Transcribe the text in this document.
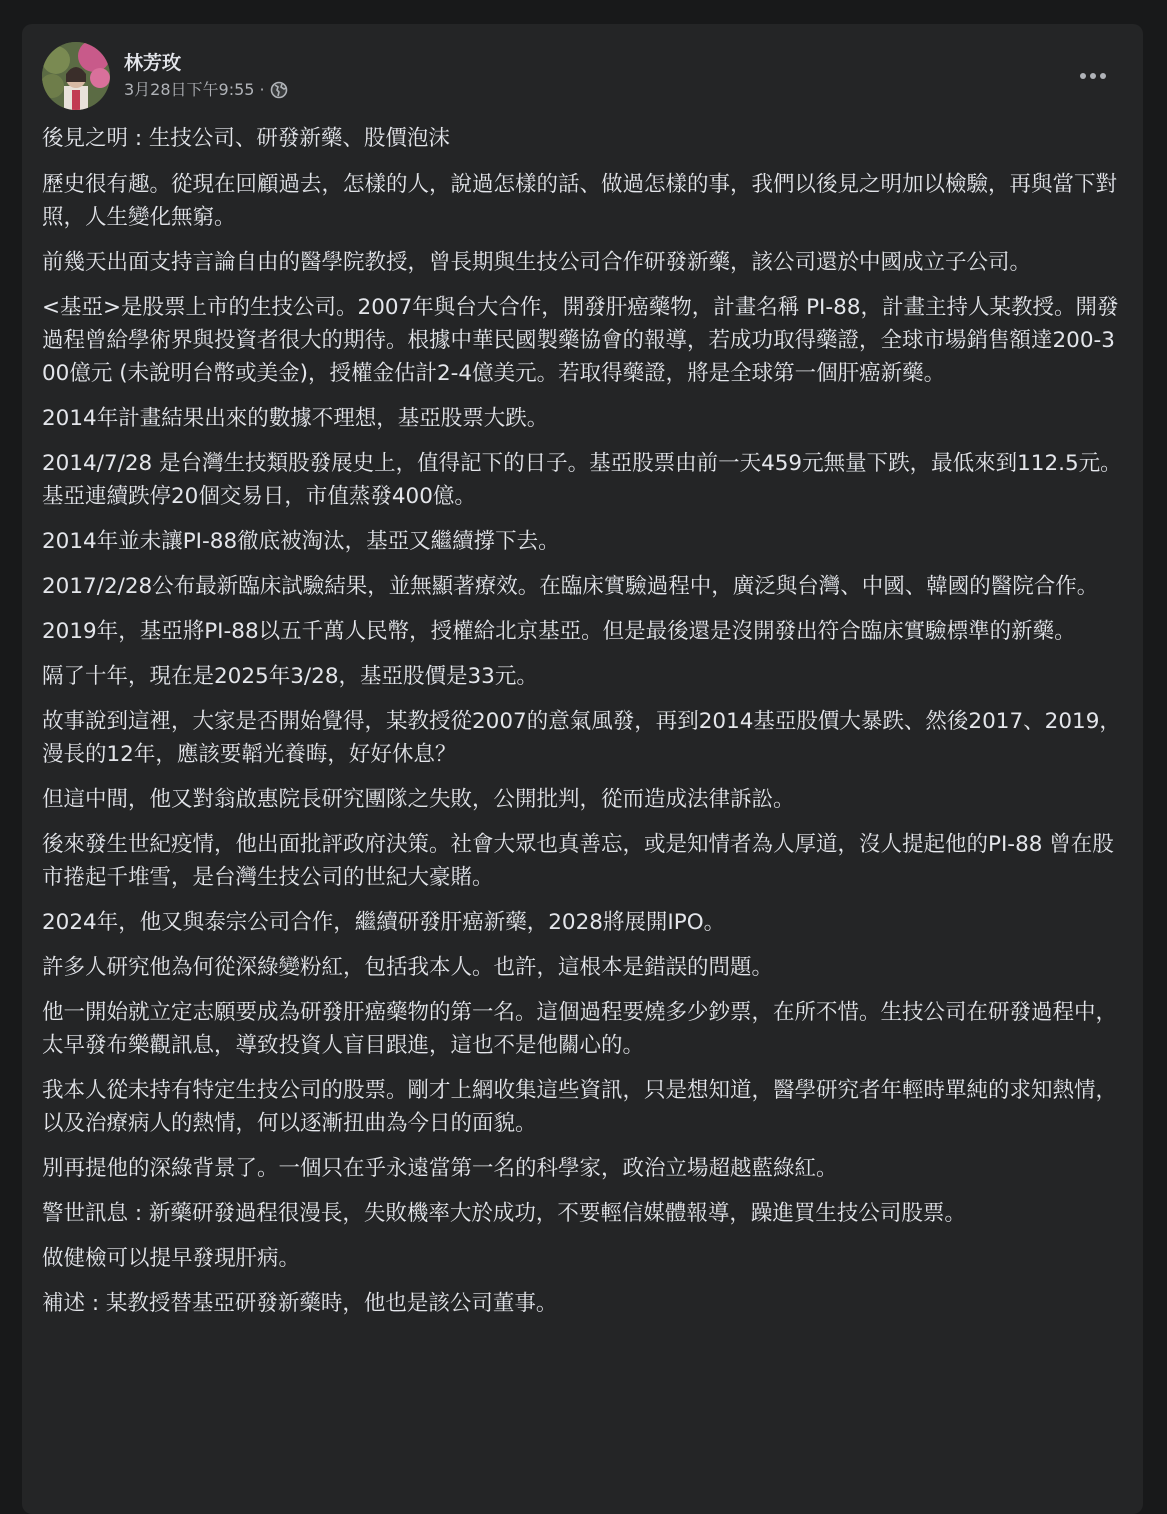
林芳玫
3月28日下午9:55 ·

後見之明 : 生技公司、研發新藥、股價泡沫

歷史很有趣。從現在回顧過去，怎樣的人，說過怎樣的話、做過怎樣的事，我們以後見之明加以檢驗，再與當下對照，人生變化無窮。

前幾天出面支持言論自由的醫學院教授，曾長期與生技公司合作研發新藥，該公司還於中國成立子公司。

<基亞>是股票上市的生技公司。2007年與台大合作，開發肝癌藥物，計畫名稱 PI-88，計畫主持人某教授。開發過程曾給學術界與投資者很大的期待。根據中華民國製藥協會的報導，若成功取得藥證，全球市場銷售額達200-300億元 (未說明台幣或美金)，授權金估計2-4億美元。若取得藥證，將是全球第一個肝癌新藥。

2014年計畫結果出來的數據不理想，基亞股票大跌。

2014/7/28 是台灣生技類股發展史上，值得記下的日子。基亞股票由前一天459元無量下跌，最低來到112.5元。基亞連續跌停20個交易日，市值蒸發400億。

2014年並未讓PI-88徹底被淘汰，基亞又繼續撐下去。

2017/2/28公布最新臨床試驗結果，並無顯著療效。在臨床實驗過程中，廣泛與台灣、中國、韓國的醫院合作。

2019年，基亞將PI-88以五千萬人民幣，授權給北京基亞。但是最後還是沒開發出符合臨床實驗標準的新藥。

隔了十年，現在是2025年3/28，基亞股價是33元。

故事說到這裡，大家是否開始覺得，某教授從2007的意氣風發，再到2014基亞股價大暴跌、然後2017、2019，漫長的12年，應該要韜光養晦，好好休息？

但這中間，他又對翁啟惠院長研究團隊之失敗，公開批判，從而造成法律訴訟。

後來發生世紀疫情，他出面批評政府決策。社會大眾也真善忘，或是知情者為人厚道，沒人提起他的PI-88 曾在股市捲起千堆雪，是台灣生技公司的世紀大豪賭。

2024年，他又與泰宗公司合作，繼續研發肝癌新藥，2028將展開IPO。

許多人研究他為何從深綠變粉紅，包括我本人。也許，這根本是錯誤的問題。

他一開始就立定志願要成為研發肝癌藥物的第一名。這個過程要燒多少鈔票，在所不惜。生技公司在研發過程中，太早發布樂觀訊息，導致投資人盲目跟進，這也不是他關心的。

我本人從未持有特定生技公司的股票。剛才上網收集這些資訊，只是想知道，醫學研究者年輕時單純的求知熱情，以及治療病人的熱情，何以逐漸扭曲為今日的面貌。

別再提他的深綠背景了。一個只在乎永遠當第一名的科學家，政治立場超越藍綠紅。

警世訊息 : 新藥研發過程很漫長，失敗機率大於成功，不要輕信媒體報導，躁進買生技公司股票。

做健檢可以提早發現肝病。

補述 : 某教授替基亞研發新藥時，他也是該公司董事。
